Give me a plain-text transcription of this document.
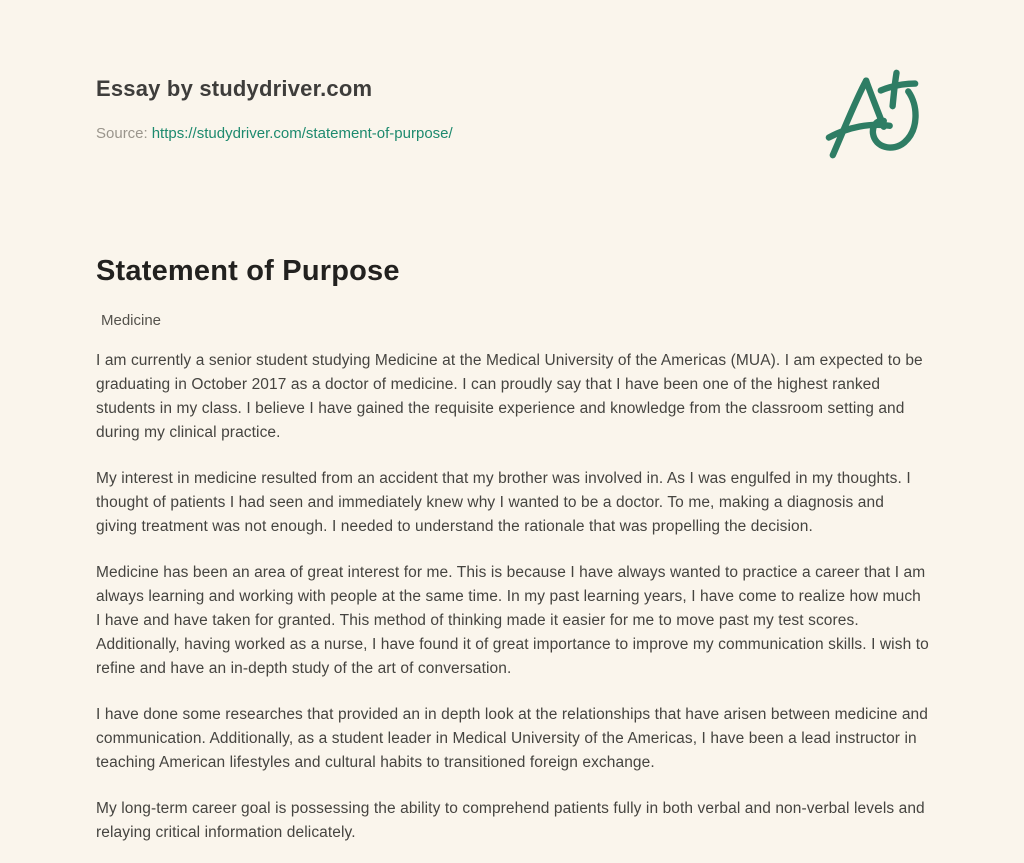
Essay by studydriver.com
Source: https://studydriver.com/statement-of-purpose/
Statement of Purpose
Medicine

I am currently a senior student studying Medicine at the Medical University of the Americas (MUA). I am expected to be graduating in October 2017 as a doctor of medicine. I can proudly say that I have been one of the highest ranked students in my class. I believe I have gained the requisite experience and knowledge from the classroom setting and during my clinical practice.

My interest in medicine resulted from an accident that my brother was involved in. As I was engulfed in my thoughts. I thought of patients I had seen and immediately knew why I wanted to be a doctor. To me, making a diagnosis and giving treatment was not enough. I needed to understand the rationale that was propelling the decision.

Medicine has been an area of great interest for me. This is because I have always wanted to practice a career that I am always learning and working with people at the same time. In my past learning years, I have come to realize how much I have and have taken for granted. This method of thinking made it easier for me to move past my test scores. Additionally, having worked as a nurse, I have found it of great importance to improve my communication skills. I wish to refine and have an in-depth study of the art of conversation.

I have done some researches that provided an in depth look at the relationships that have arisen between medicine and communication. Additionally, as a student leader in Medical University of the Americas, I have been a lead instructor in teaching American lifestyles and cultural habits to transitioned foreign exchange.

My long-term career goal is possessing the ability to comprehend patients fully in both verbal and non-verbal levels and relaying critical information delicately.
